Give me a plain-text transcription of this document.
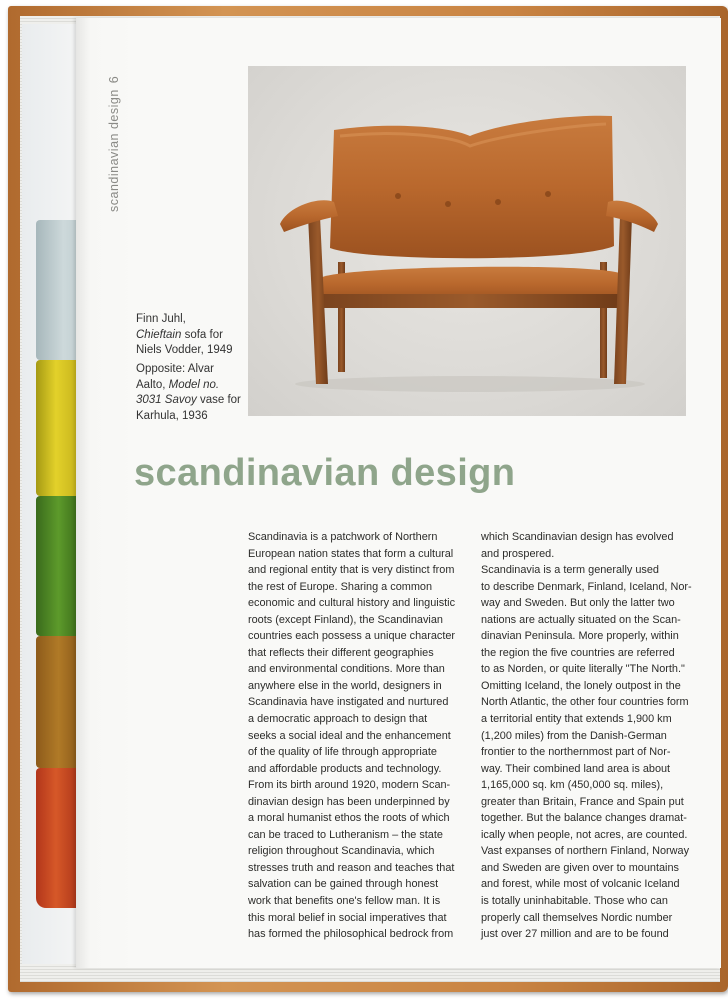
scandinavian design6
Finn Juhl,
Chieftain sofa for Niels Vodder, 1949
Opposite: Alvar Aalto, Model no. 3031 Savoy vase for Karhula, 1936
scandinavian design
Scandinavia is a patchwork of Northern
European nation states that form a cultural
and regional entity that is very distinct from
the rest of Europe. Sharing a common
economic and cultural history and linguistic
roots (except Finland), the Scandinavian
countries each possess a unique character
that reflects their different geographies
and environmental conditions. More than
anywhere else in the world, designers in
Scandinavia have instigated and nurtured
a democratic approach to design that
seeks a social ideal and the enhancement
of the quality of life through appropriate
and affordable products and technology.
From its birth around 1920, modern Scan-
dinavian design has been underpinned by
a moral humanist ethos the roots of which
can be traced to Lutheranism – the state
religion throughout Scandinavia, which
stresses truth and reason and teaches that
salvation can be gained through honest
work that benefits one's fellow man. It is
this moral belief in social imperatives that
has formed the philosophical bedrock from
which Scandinavian design has evolved
and prospered.
Scandinavia is a term generally used
to describe Denmark, Finland, Iceland, Nor-
way and Sweden. But only the latter two
nations are actually situated on the Scan-
dinavian Peninsula. More properly, within
the region the five countries are referred
to as Norden, or quite literally "The North."
Omitting Iceland, the lonely outpost in the
North Atlantic, the other four countries form
a territorial entity that extends 1,900 km
(1,200 miles) from the Danish-German
frontier to the northernmost part of Nor-
way. Their combined land area is about
1,165,000 sq. km (450,000 sq. miles),
greater than Britain, France and Spain put
together. But the balance changes dramat-
ically when people, not acres, are counted.
Vast expanses of northern Finland, Norway
and Sweden are given over to mountains
and forest, while most of volcanic Iceland
is totally uninhabitable. Those who can
properly call themselves Nordic number
just over 27 million and are to be found
